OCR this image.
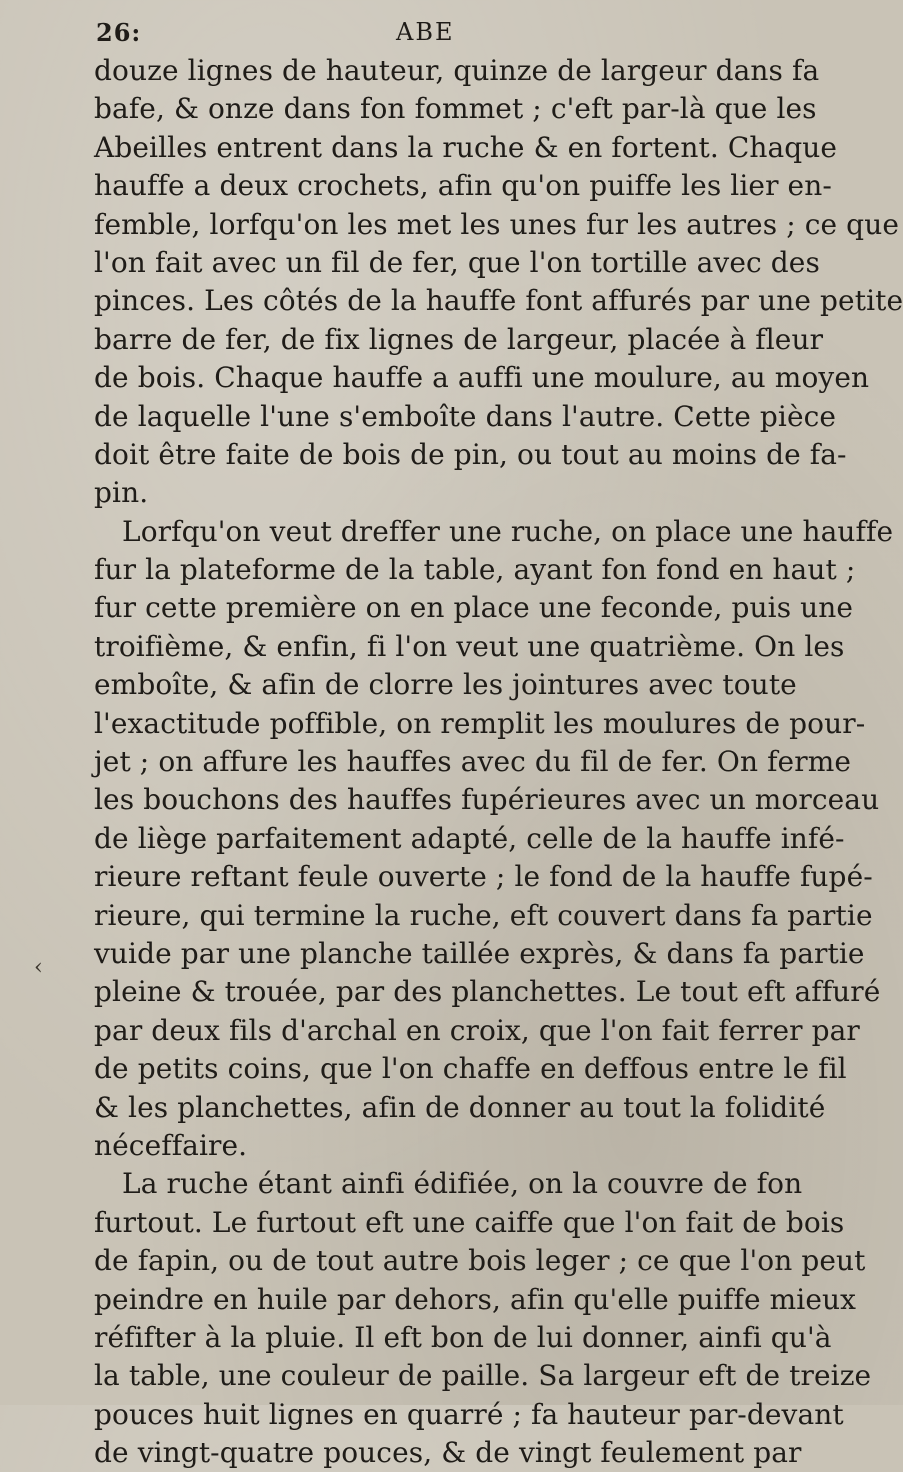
26:	ABE
‹
douze lignes de hauteur, quinze de largeur dans fa
bafe, & onze dans fon fommet ; c'eft par-là que les
Abeilles entrent dans la ruche & en fortent. Chaque
hauffe a deux crochets, afin qu'on puiffe les lier en-
femble, lorfqu'on les met les unes fur les autres ; ce que
l'on fait avec un fil de fer, que l'on tortille avec des
pinces. Les côtés de la hauffe font affurés par une petite
barre de fer, de fix lignes de largeur, placée à fleur
de bois. Chaque hauffe a auffi une moulure, au moyen
de laquelle l'une s'emboîte dans l'autre. Cette pièce
doit être faite de bois de pin, ou tout au moins de fa-
pin.
Lorfqu'on veut dreffer une ruche, on place une hauffe
fur la plateforme de la table, ayant fon fond en haut ;
fur cette première on en place une feconde, puis une
troifième, & enfin, fi l'on veut une quatrième. On les
emboîte, & afin de clorre les jointures avec toute
l'exactitude poffible, on remplit les moulures de pour-
jet ; on affure les hauffes avec du fil de fer. On ferme
les bouchons des hauffes fupérieures avec un morceau
de liège parfaitement adapté, celle de la hauffe infé-
rieure reftant feule ouverte ; le fond de la hauffe fupé-
rieure, qui termine la ruche, eft couvert dans fa partie
vuide par une planche taillée exprès, & dans fa partie
pleine & trouée, par des planchettes. Le tout eft affuré
par deux fils d'archal en croix, que l'on fait ferrer par
de petits coins, que l'on chaffe en deffous entre le fil
& les planchettes, afin de donner au tout la folidité
néceffaire.
La ruche étant ainfi édifiée, on la couvre de fon
furtout. Le furtout eft une caiffe que l'on fait de bois
de fapin, ou de tout autre bois leger ; ce que l'on peut
peindre en huile par dehors, afin qu'elle puiffe mieux
réfifter à la pluie. Il eft bon de lui donner, ainfi qu'à
la table, une couleur de paille. Sa largeur eft de treize
pouces huit lignes en quarré ; fa hauteur par-devant
de vingt-quatre pouces, & de vingt feulement par
